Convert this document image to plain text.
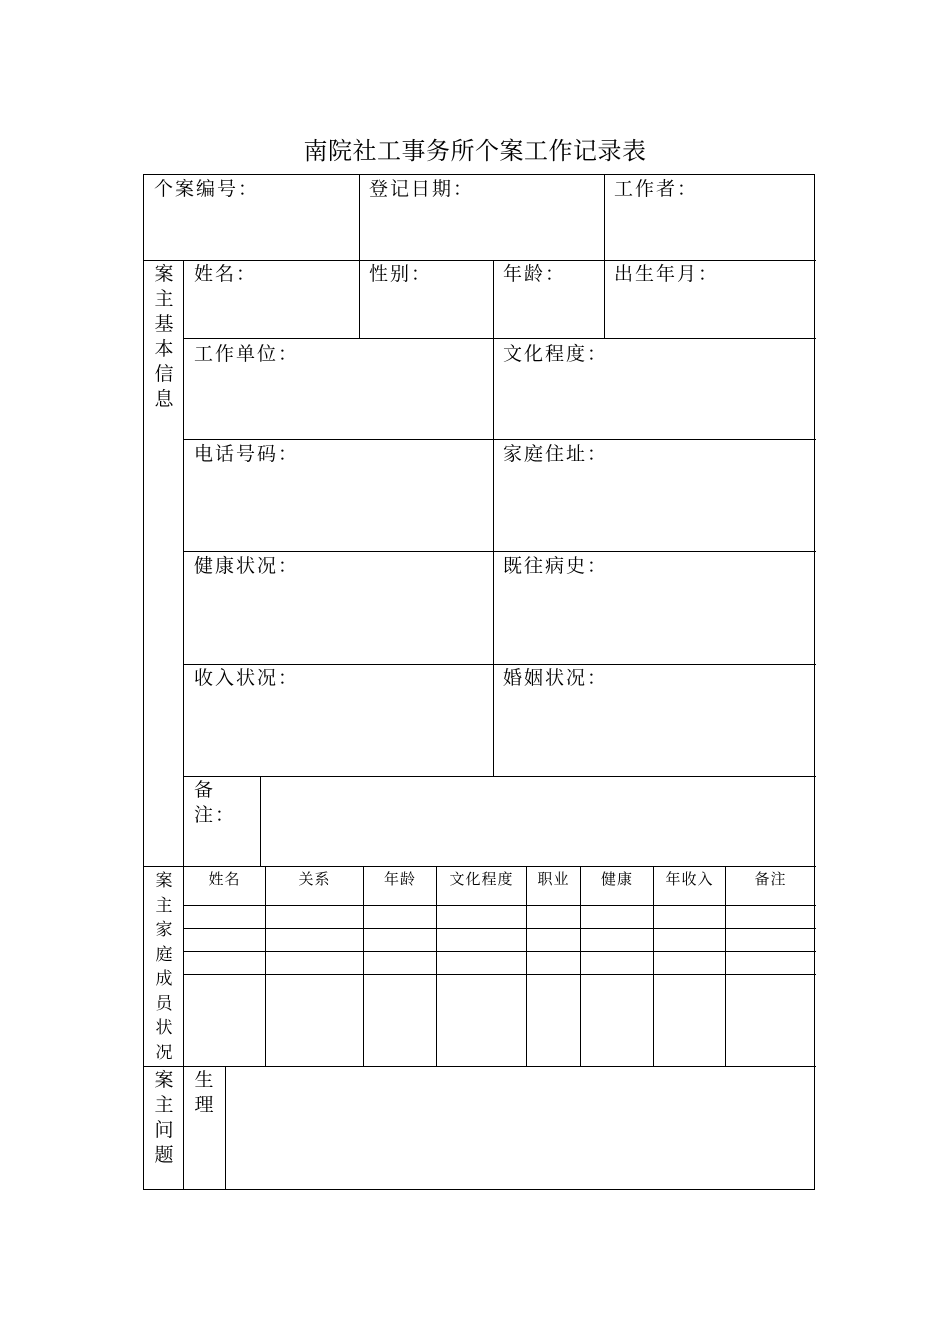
南院社工事务所个案工作记录表
个案编号：	登记日期：	工作者：
案主基本信息
姓名：	性别：	年龄：	出生年月：
工作单位：	文化程度：
电话号码：	家庭住址：
健康状况：	既往病史：
收入状况：	婚姻状况：
备注：
案主家庭成员状况
姓名	关系	年龄	文化程度	职业	健康	年收入	备注
案主问题
生理
